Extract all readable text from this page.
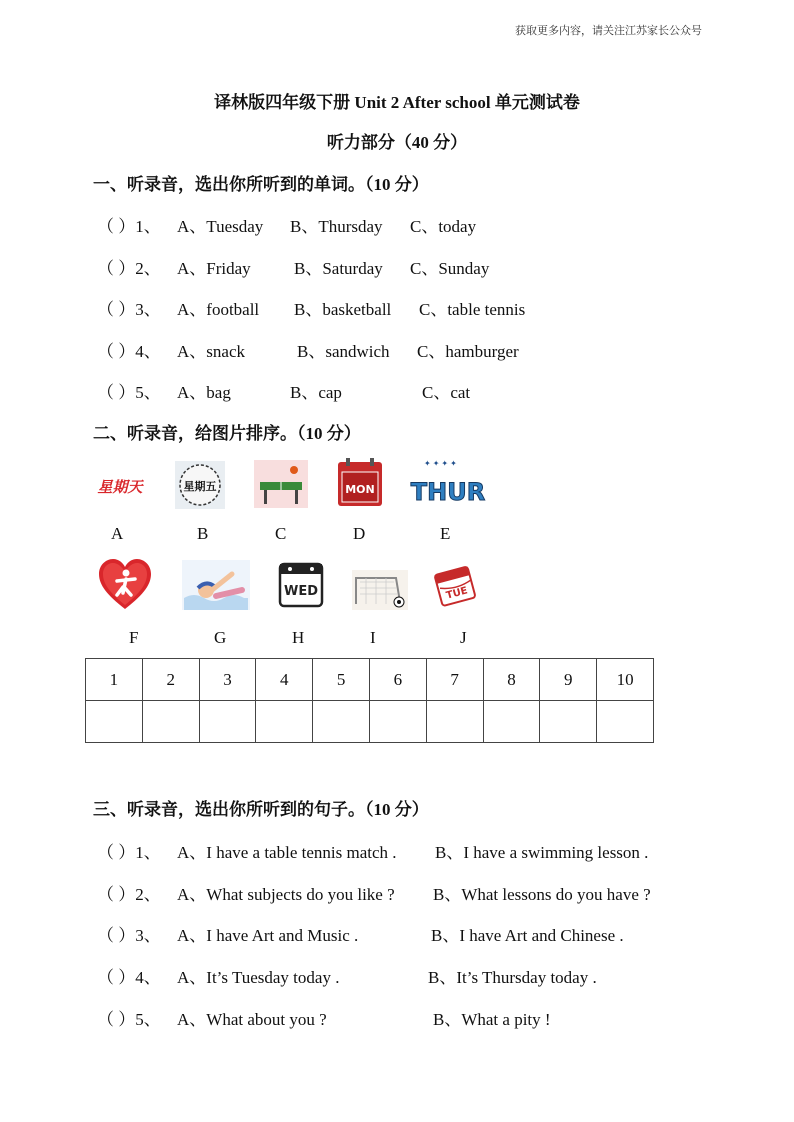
获取更多内容，请关注江苏家长公众号
译林版四年级下册 Unit 2 After school 单元测试卷
听力部分（40 分）
一、听录音，选出你所听到的单词。（10 分）
（ ）1、 A、Tuesday B、Thursday C、today
（ ）2、 A、Friday	B、Saturday C、Sunday
（ ）3、 A、football B、basketball C、table tennis
（ ）4、 A、snack	B、sandwich C、hamburger
（ ）5、 A、bag	B、cap	C、cat
二、听录音，给图片排序。（10 分）
星期天	星期五	MON
✦ ✦ ✦ ✦
THUR
A	B	C	D	E
WED	TUE
F	G	H	I	J
1	2	3	4	5	6	7	8	9	10

三、听录音，选出你所听到的句子。（10 分）
（ ）1、 A、I have a table tennis match . B、I have a swimming lesson .
（ ）2、 A、What subjects do you like ? B、What lessons do you have ?
（ ）3、 A、I have Art and Music .	B、I have Art and Chinese .
（ ）4、 A、It’s Tuesday today .	B、It’s Thursday today .
（ ）5、 A、What about you ?	B、What a pity !
